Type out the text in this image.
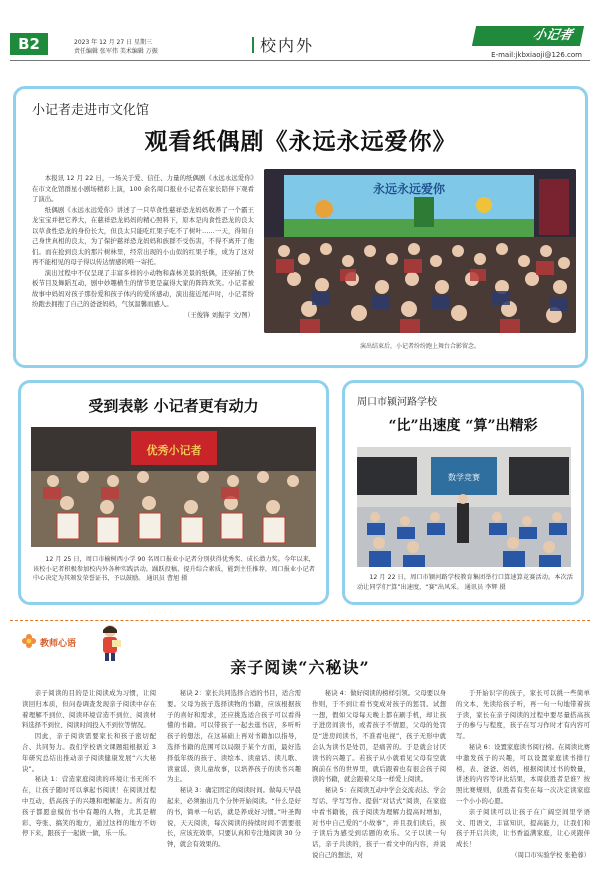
B2	2023 年 12 月 27 日 星期三
责任编辑 张军伟 美术编辑 万振	校内外
小记者
E-mail:jkbxiaoji@126.com
小记者走进市文化馆
观看纸偶剧《永远永远爱你》

本报讯 12 月 22 日，一场关于爱、信任、力量的纸偶剧《永远永远爱你》在市文化馆群星小剧场精彩上演，100 余名周口报业小记者在家长陪伴下观看了演出。

纸偶剧《永远永远爱你》讲述了一只草食性慈祥恐龙妈妈收养了一个霸王龙宝宝并把它养大，在慈祥恐龙妈妈的精心照料下，原本是肉食性恐龙的良太以草食性恐龙的身份长大，但良太只能吃红果子吃不了树叶……一天，得知自己身世真相的良太，为了保护慈祥恐龙妈妈和族群不受伤害，不得不离开了他们。而在抢到良太的那片树林里，经常出现的小山似的红果子堆，成为了这对再不能相见的母子得以传达情感的唯一寄托。

演出过程中不仅呈现了丰富多样的小动物和森林美景的纸偶，还穿插了快板节目及舞蹈互动，剧中妙趣横生的情节更是赢得大家的阵阵欢笑。小记者被故事中妈妈对孩子那份爱和孩子体内的爱所感动，演出接近尾声时，小记者纷纷跑去拥抱了自己的爸爸妈妈，气氛温馨而感人。

（王俊锋 刘振宇 文/图）

永远永远爱你
演出结束后，小记者纷纷跑上舞台合影留念。
受到表彰 小记者更有动力
优秀小记者
12 月 25 日，周口市榆树西小学 90 名周口报业小记者分别获得优秀奖、成长潜力奖。今年以来，该校小记者积极参加校内外各种实践活动，踊跃投稿，提升综合素质，能到主任推荐，周口报业小记者中心决定为其颁发荣誉证书，予以鼓励。 通讯员 曹旭 摄
周口市颍河路学校
“比”出速度 “算”出精彩
数学竞赛
12 月 22 日，周口市颍河路学校教育集团举行口算速算竞赛活动。本次活动让同学们“算”出速度，“赛”出风采。 通讯员 李辉 摄
教师心语
亲子阅读“六秘诀”

亲子阅读的目的是让阅读成为习惯，让阅读回归本质，但问卷调查发现亲子阅读中存在着理解不到位、阅读环境营造不到位、阅读材料选择不到位、阅读时间投入不到位等情况。

因此，亲子阅读需要家长和孩子密切配合、共同努力。我们学校语文课题组根据近 3 年研究总结出推动亲子阅读健康发展“六大秘诀”。

秘诀 1：营造家庭阅读的环境让书无所不在，让孩子随时可以拿起书阅读！在阅读过程中互动，搭高孩子的兴趣和理解能力。所有的孩子都愿意模仿书中有趣的人物，尤其是精彩、夸张、搞笑的地方，通过这样的地方不妨停下来，跟孩子一起做一做，乐一乐。

秘诀 2：家长共同选择合适的书目，适合需要。父母为孩子选择读物的书籍，应该根据孩子的喜好和需求，还应挑选适合孩子可以看得懂的书籍。可以带孩子一起去逛书店，多听听孩子的想法，在这基础上再对书籍加以指导，选择书籍的范围可以局限于某个方面，最好选择低年级的孩子、读绘本、读童话、读儿歌、读童谣、读儿童故事，以培养孩子的读书兴趣为主。

秘诀 3：确定固定的阅读时间。做每天早晨起来，必须抽出几个分钟开始阅读。“什么是好的书，简单一句话，就是养成好习惯。”叶圣陶说，天天阅读，每次阅读的持续时间不需要很长，应该充效率，只要认真和专注地阅读 30 分钟，就会有效果的。

秘诀 4：做好阅读的榜样引领。父母要以身作则，于不到让看书变成对孩子的惩罚。试想一想，假如父母每天晚上都在刷手机，却让孩子进房间读书，或者孩子不情愿，父母的处罚是“进房间读书，不准看电视”，孩子无形中就会认为读书是处罚，是痛苦的。于是就会讨厌读书的兴趣了。若孩子从小就看见父母有空就胸前在书的世界里，就后跟着也有很会孩子阅读的书籍，就会跟着父母一样爱上阅读。

秘诀 5：在阅读互动中学会交流表达、学会写话、学写写作。提倡“对话式”阅读，在家庭中看书籍後，孩子阅读为理解力提高时增加，对书中自己爱的“小故事”，并且我们读后，孩子读后为感受到话题的欢乐。父子以读一句话，亲子共读的，孩子一看文中的内容，并说说自己的想法，对

于开始识字的孩子，家长可以挑一些简单的文本，先读给孩子听，再一句一句地带着孩子读，家长在亲子阅读的过程中要尽量搭高孩子的参与与程度，孩子在写习作时才有内容可写。

秘诀 6：设置家庭读书阅行榜。在阅读比赛中激发孩子的兴趣，可以设置家庭读书排行榜，表、爸爸、妈妈，根据阅读过书的数量，讲述的内容等评比结果，本周获胜者是谁？按照比赛规则，获胜者有奖在每一次决定读家庭一个小小的心愿。

亲子阅读可以让孩子在广阔空间里学语文、用语文，丰富知识，提高能力，让我们和孩子开启共读，让书香溢满家庭，让心灵跟伴成长！

（周口市实验学校 张艳蓉）
